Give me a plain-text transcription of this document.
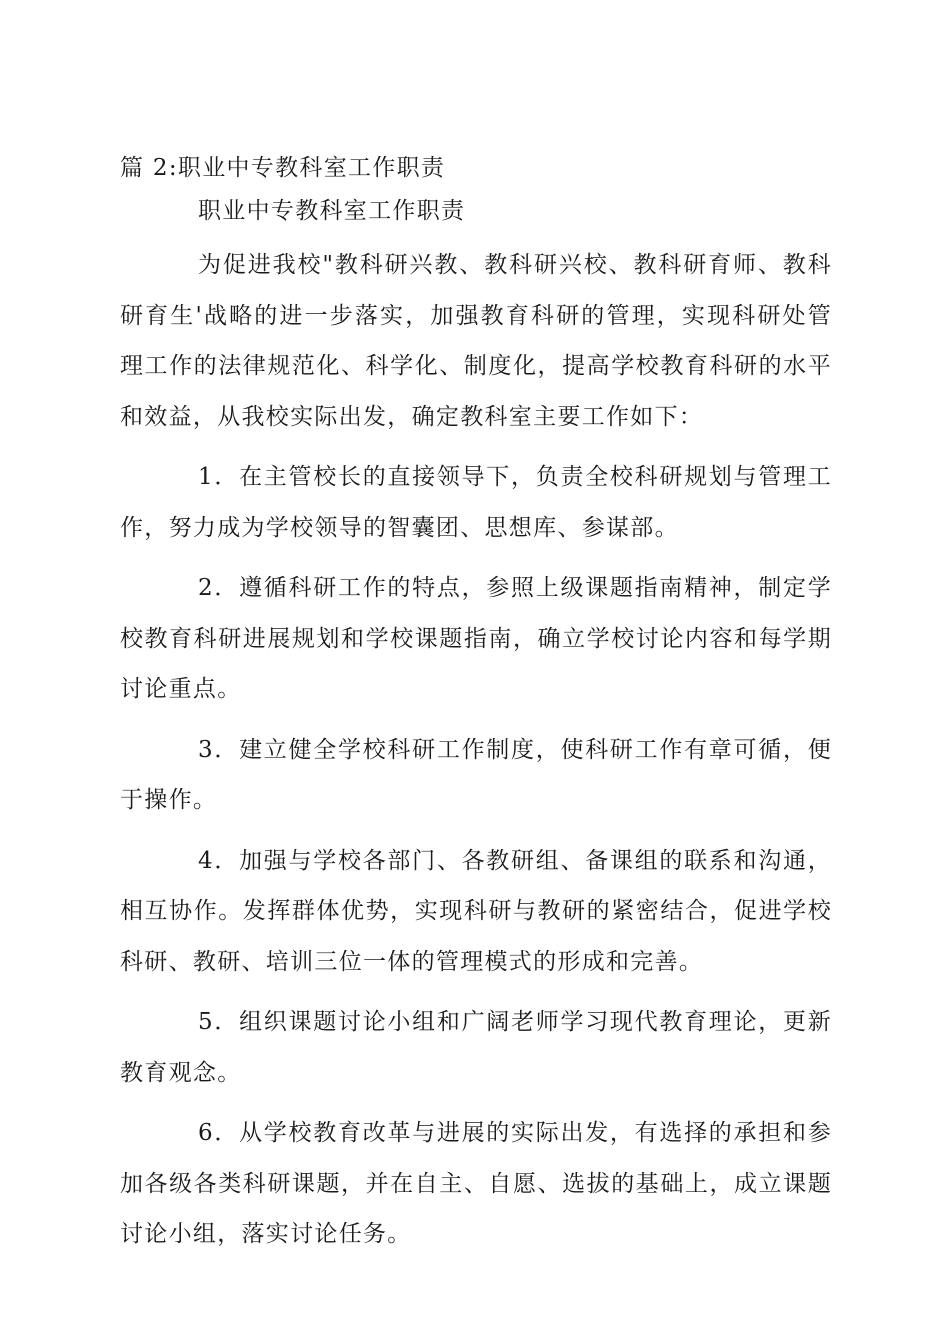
篇 2:职业中专教科室工作职责
职业中专教科室工作职责

为促进我校"教科研兴教、教科研兴校、教科研育师、教科研育生'战略的进一步落实，加强教育科研的管理，实现科研处管理工作的法律规范化、科学化、制度化，提高学校教育科研的水平和效益，从我校实际出发，确定教科室主要工作如下：

1．在主管校长的直接领导下，负责全校科研规划与管理工作，努力成为学校领导的智囊团、思想库、参谋部。

2．遵循科研工作的特点，参照上级课题指南精神，制定学校教育科研进展规划和学校课题指南，确立学校讨论内容和每学期讨论重点。

3．建立健全学校科研工作制度，使科研工作有章可循，便于操作。

4．加强与学校各部门、各教研组、备课组的联系和沟通，相互协作。发挥群体优势，实现科研与教研的紧密结合，促进学校科研、教研、培训三位一体的管理模式的形成和完善。

5．组织课题讨论小组和广阔老师学习现代教育理论，更新教育观念。

6．从学校教育改革与进展的实际出发，有选择的承担和参加各级各类科研课题，并在自主、自愿、选拔的基础上，成立课题讨论小组，落实讨论任务。
